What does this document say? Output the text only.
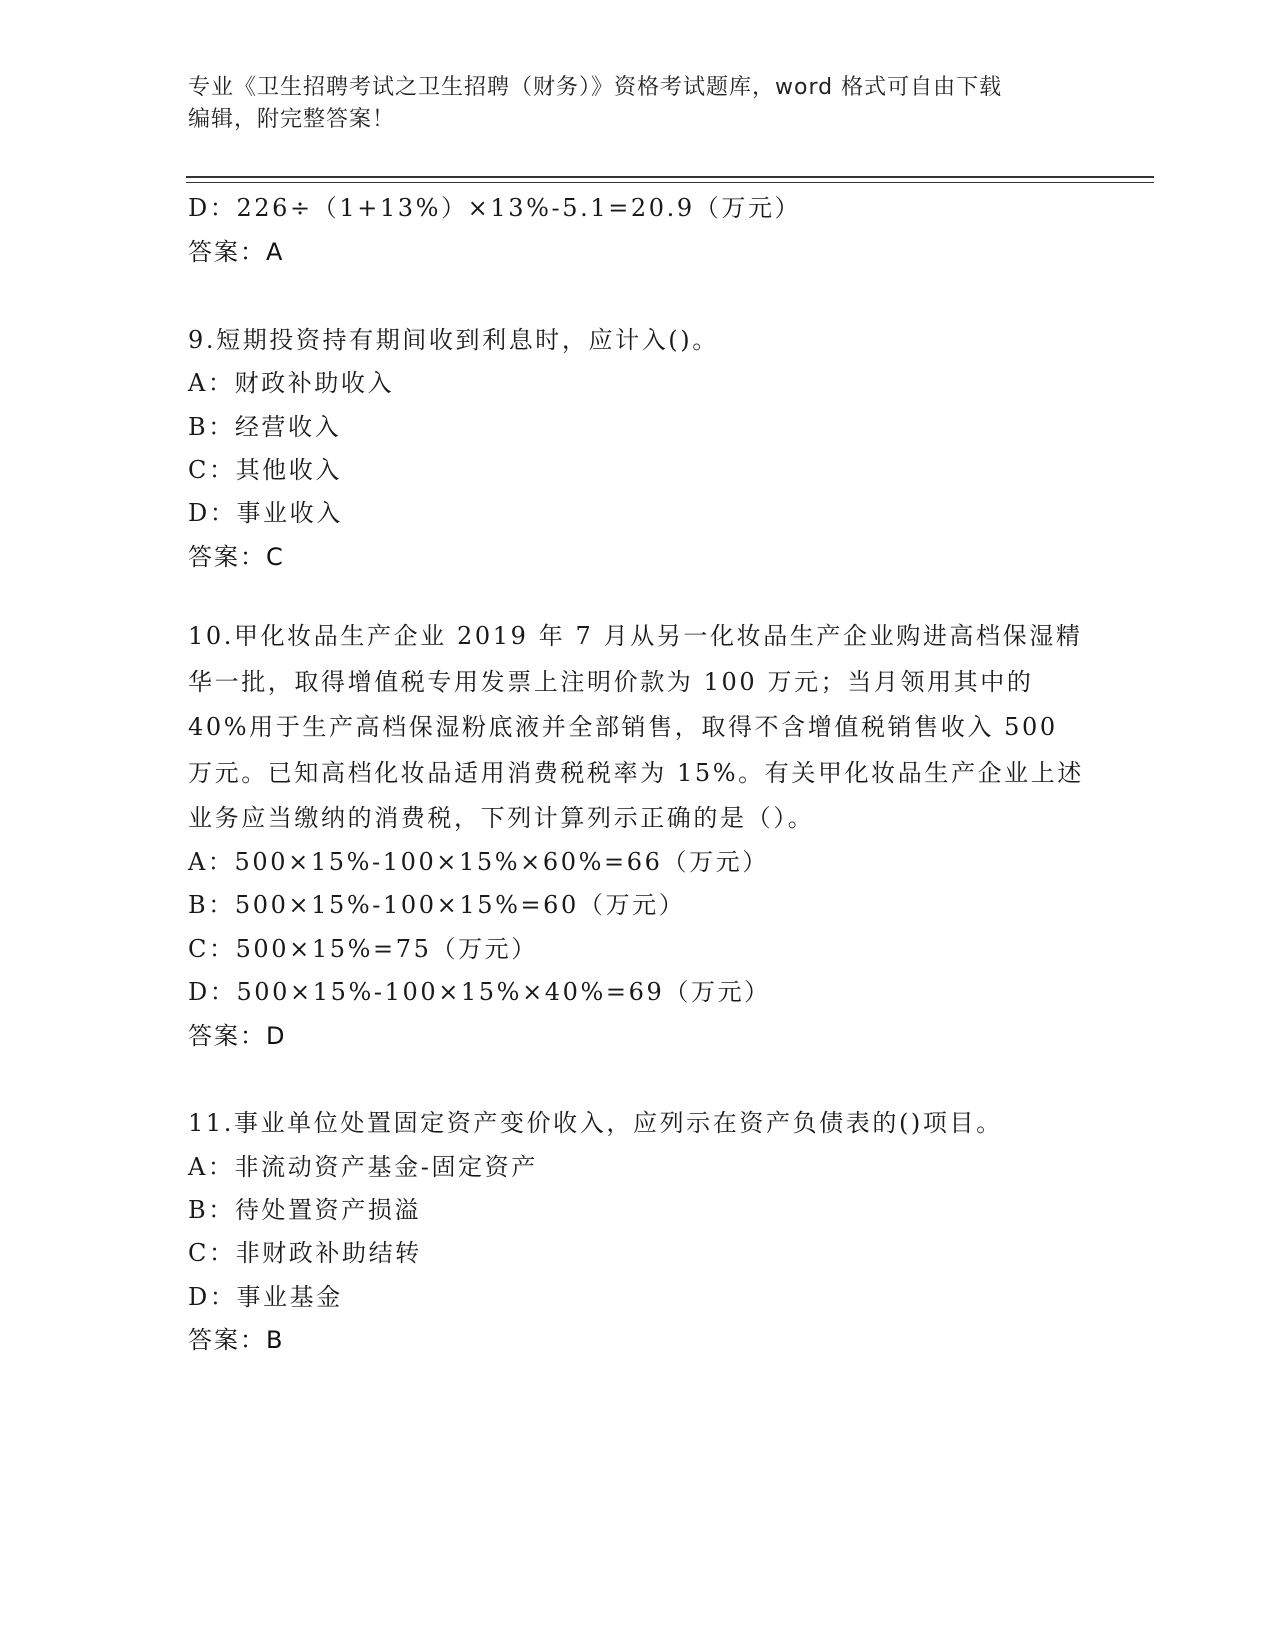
专业《卫生招聘考试之卫生招聘（财务）》资格考试题库，word 格式可自由下载
编辑，附完整答案！
D：226÷（1+13%）×13%-5.1=20.9（万元）
答案：A
9.短期投资持有期间收到利息时，应计入()。
A：财政补助收入
B：经营收入
C：其他收入
D：事业收入
答案：C
10.甲化妆品生产企业 2019 年 7 月从另一化妆品生产企业购进高档保湿精华一批，取得增值税专用发票上注明价款为 100 万元；当月领用其中的 40%用于生产高档保湿粉底液并全部销售，取得不含增值税销售收入 500 万元。已知高档化妆品适用消费税税率为 15%。有关甲化妆品生产企业上述业务应当缴纳的消费税，下列计算列示正确的是（）。
A：500×15%-100×15%×60%=66（万元）
B：500×15%-100×15%=60（万元）
C：500×15%=75（万元）
D：500×15%-100×15%×40%=69（万元）
答案：D
11.事业单位处置固定资产变价收入，应列示在资产负债表的()项目。
A：非流动资产基金-固定资产
B：待处置资产损溢
C：非财政补助结转
D：事业基金
答案：B
